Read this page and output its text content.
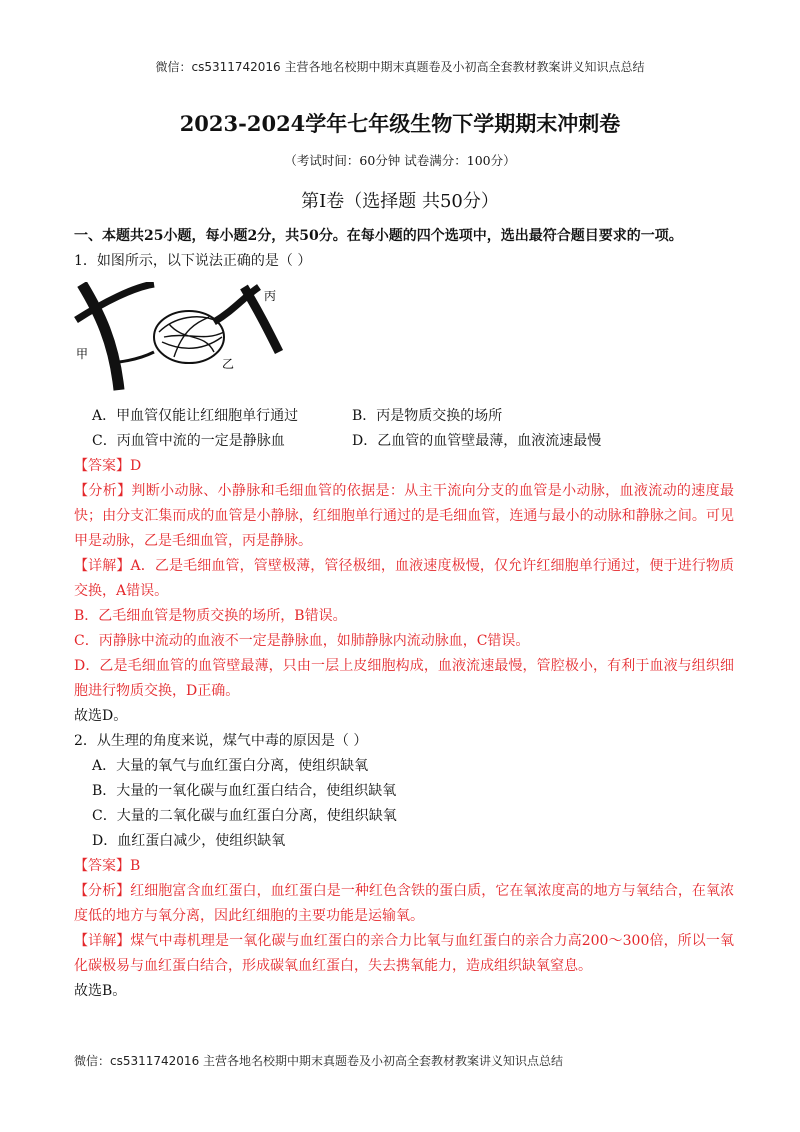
微信：cs5311742016 主营各地名校期中期末真题卷及小初高全套教材教案讲义知识点总结
2023-2024学年七年级生物下学期期末冲刺卷
（考试时间：60分钟 试卷满分：100分）
第Ⅰ卷（选择题 共50分）
一、本题共25小题，每小题2分，共50分。在每小题的四个选项中，选出最符合题目要求的一项。
1．如图所示，以下说法正确的是（ ）
丙
甲
乙
A．甲血管仅能让红细胞单行通过	B．丙是物质交换的场所
C．丙血管中流的一定是静脉血	D．乙血管的血管壁最薄，血液流速最慢
【答案】D
【分析】判断小动脉、小静脉和毛细血管的依据是：从主干流向分支的血管是小动脉，血液流动的速度最快；由分支汇集而成的血管是小静脉，红细胞单行通过的是毛细血管，连通与最小的动脉和静脉之间。可见甲是动脉，乙是毛细血管，丙是静脉。
【详解】A．乙是毛细血管，管壁极薄，管径极细，血液速度极慢，仅允许红细胞单行通过，便于进行物质交换，A错误。
B．乙毛细血管是物质交换的场所，B错误。
C．丙静脉中流动的血液不一定是静脉血，如肺静脉内流动脉血，C错误。
D．乙是毛细血管的血管壁最薄，只由一层上皮细胞构成，血液流速最慢，管腔极小，有利于血液与组织细胞进行物质交换，D正确。
故选D。
2．从生理的角度来说，煤气中毒的原因是（ ）
A．大量的氧气与血红蛋白分离，使组织缺氧
B．大量的一氧化碳与血红蛋白结合，使组织缺氧
C．大量的二氧化碳与血红蛋白分离，使组织缺氧
D．血红蛋白减少，使组织缺氧
【答案】B
【分析】红细胞富含血红蛋白，血红蛋白是一种红色含铁的蛋白质，它在氧浓度高的地方与氧结合，在氧浓度低的地方与氧分离，因此红细胞的主要功能是运输氧。
【详解】煤气中毒机理是一氧化碳与血红蛋白的亲合力比氧与血红蛋白的亲合力高200～300倍，所以一氧化碳极易与血红蛋白结合，形成碳氧血红蛋白，失去携氧能力，造成组织缺氧窒息。
故选B。
微信：cs5311742016 主营各地名校期中期末真题卷及小初高全套教材教案讲义知识点总结
